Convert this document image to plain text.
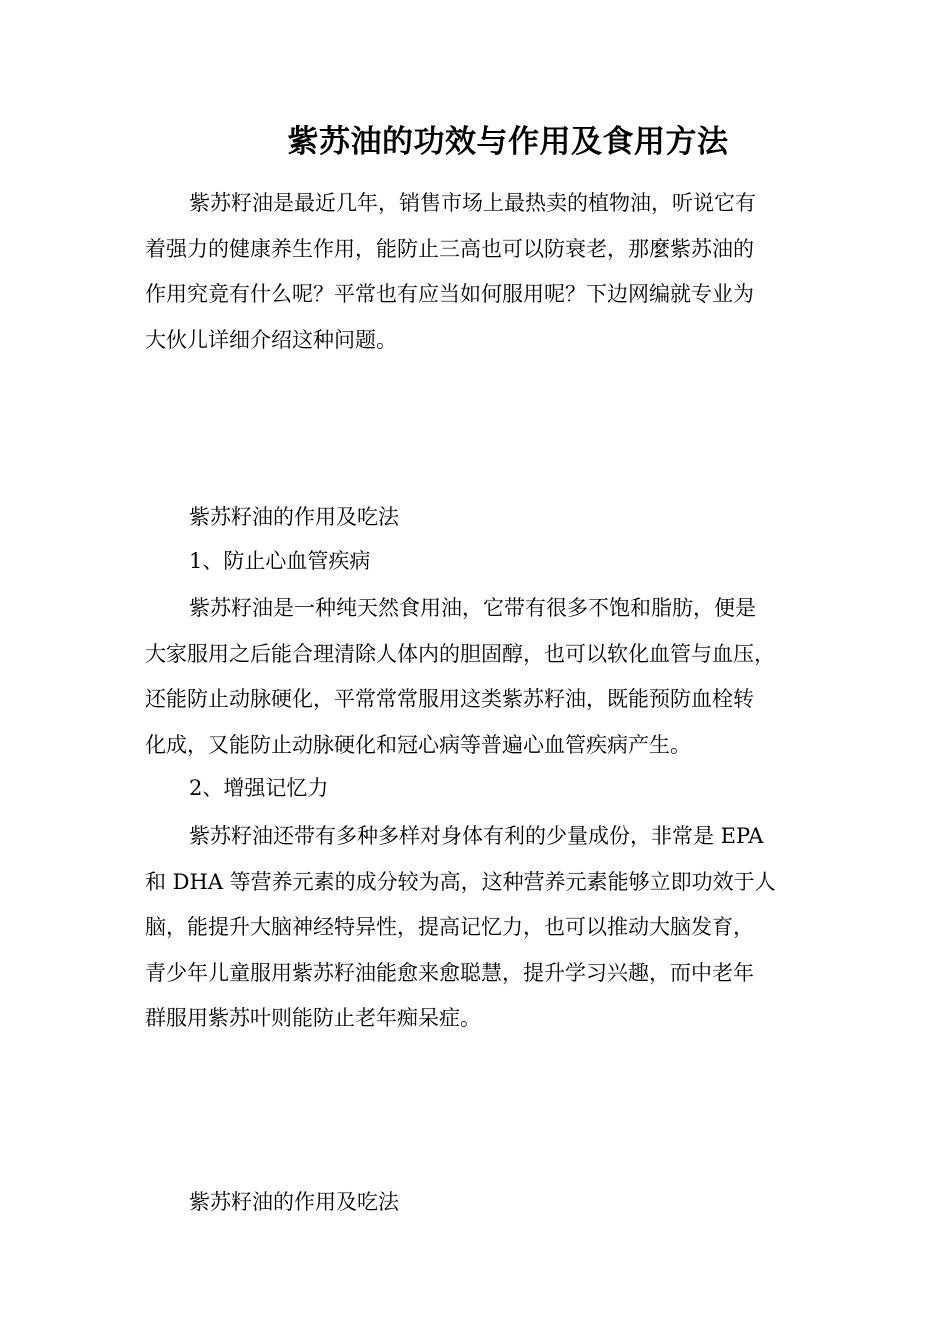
紫苏油的功效与作用及食用方法
紫苏籽油是最近几年，销售市场上最热卖的植物油，听说它有
着强力的健康养生作用，能防止三高也可以防衰老，那麼紫苏油的
作用究竟有什么呢？平常也有应当如何服用呢？下边网编就专业为
大伙儿详细介绍这种问题。
紫苏籽油的作用及吃法
1、防止心血管疾病
紫苏籽油是一种纯天然食用油，它带有很多不饱和脂肪，便是
大家服用之后能合理清除人体内的胆固醇，也可以软化血管与血压，
还能防止动脉硬化，平常常常服用这类紫苏籽油，既能预防血栓转
化成，又能防止动脉硬化和冠心病等普遍心血管疾病产生。
2、增强记忆力
紫苏籽油还带有多种多样对身体有利的少量成份，非常是 EPA
和 DHA 等营养元素的成分较为高，这种营养元素能够立即功效于人
脑，能提升大脑神经特异性，提高记忆力，也可以推动大脑发育，
青少年儿童服用紫苏籽油能愈来愈聪慧，提升学习兴趣，而中老年
群服用紫苏叶则能防止老年痴呆症。
紫苏籽油的作用及吃法
